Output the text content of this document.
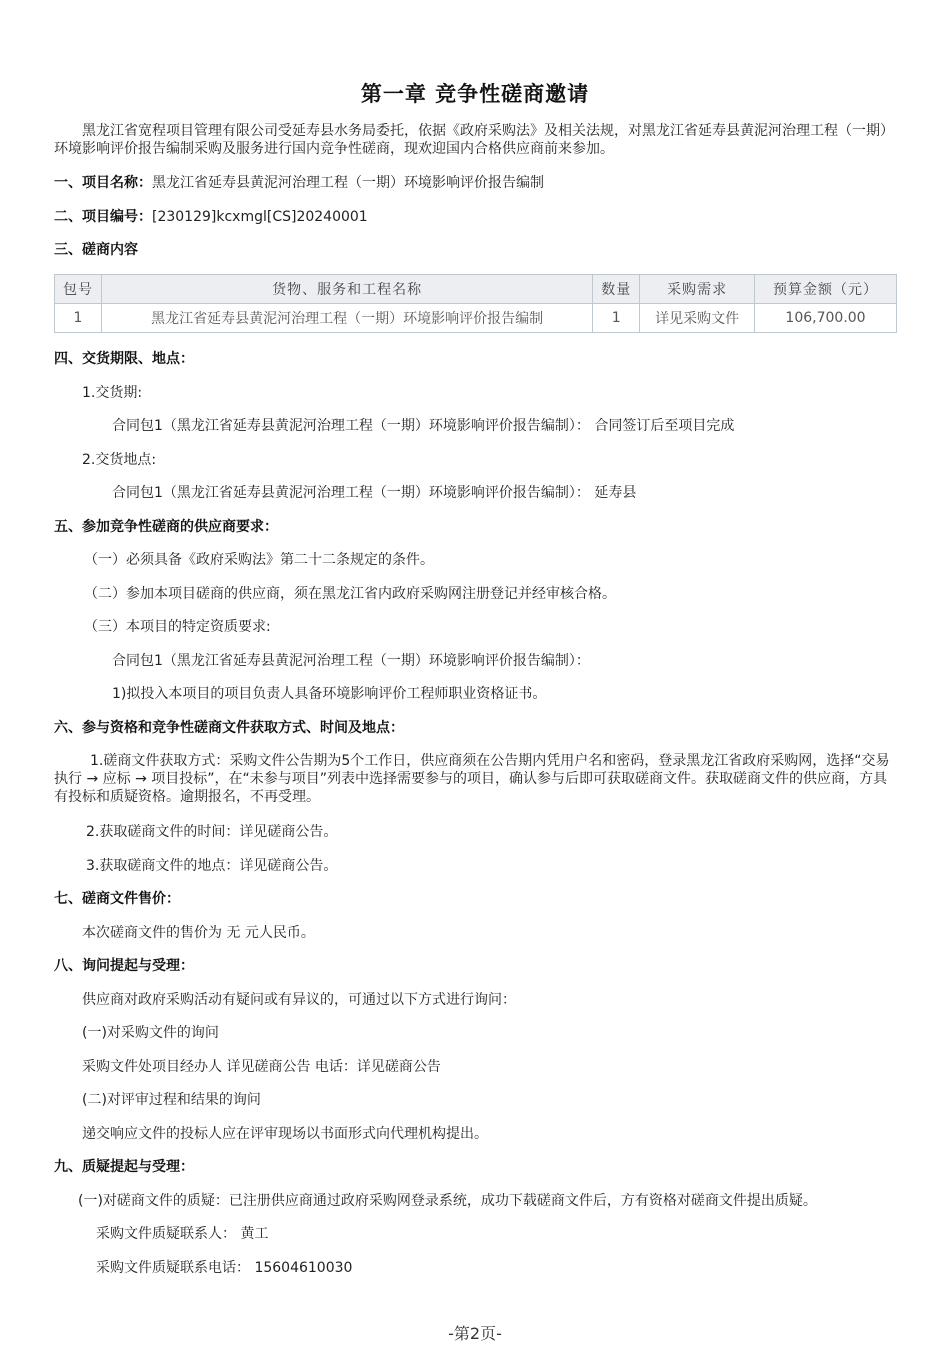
第一章 竞争性磋商邀请
黑龙江省宽程项目管理有限公司受延寿县水务局委托，依据《政府采购法》及相关法规，对黑龙江省延寿县黄泥河治理工程（一期）环境影响评价报告编制采购及服务进行国内竞争性磋商，现欢迎国内合格供应商前来参加。
一、项目名称：黑龙江省延寿县黄泥河治理工程（一期）环境影响评价报告编制
二、项目编号：[230129]kcxmgl[CS]20240001
三、磋商内容
包号	货物、服务和工程名称	数量	采购需求	预算金额（元）
1	黑龙江省延寿县黄泥河治理工程（一期）环境影响评价报告编制	1	详见采购文件	106,700.00
四、交货期限、地点：
1.交货期:
合同包1（黑龙江省延寿县黄泥河治理工程（一期）环境影响评价报告编制）： 合同签订后至项目完成
2.交货地点:
合同包1（黑龙江省延寿县黄泥河治理工程（一期）环境影响评价报告编制）： 延寿县
五、参加竞争性磋商的供应商要求：
（一）必须具备《政府采购法》第二十二条规定的条件。
（二）参加本项目磋商的供应商，须在黑龙江省内政府采购网注册登记并经审核合格。
（三）本项目的特定资质要求:
合同包1（黑龙江省延寿县黄泥河治理工程（一期）环境影响评价报告编制）：
1)拟投入本项目的项目负责人具备环境影响评价工程师职业资格证书。
六、参与资格和竞争性磋商文件获取方式、时间及地点：
1.磋商文件获取方式：采购文件公告期为5个工作日，供应商须在公告期内凭用户名和密码，登录黑龙江省政府采购网，选择“交易执行 → 应标 → 项目投标”，在“未参与项目”列表中选择需要参与的项目，确认参与后即可获取磋商文件。获取磋商文件的供应商，方具有投标和质疑资格。逾期报名，不再受理。
2.获取磋商文件的时间：详见磋商公告。
3.获取磋商文件的地点：详见磋商公告。
七、磋商文件售价：
本次磋商文件的售价为 无 元人民币。
八、询问提起与受理：
供应商对政府采购活动有疑问或有异议的，可通过以下方式进行询问：
(一)对采购文件的询问
采购文件处项目经办人 详见磋商公告 电话：详见磋商公告
(二)对评审过程和结果的询问
递交响应文件的投标人应在评审现场以书面形式向代理机构提出。
九、质疑提起与受理：
(一)对磋商文件的质疑：已注册供应商通过政府采购网登录系统，成功下载磋商文件后，方有资格对磋商文件提出质疑。
采购文件质疑联系人： 黄工
采购文件质疑联系电话： 15604610030
-第2页-
